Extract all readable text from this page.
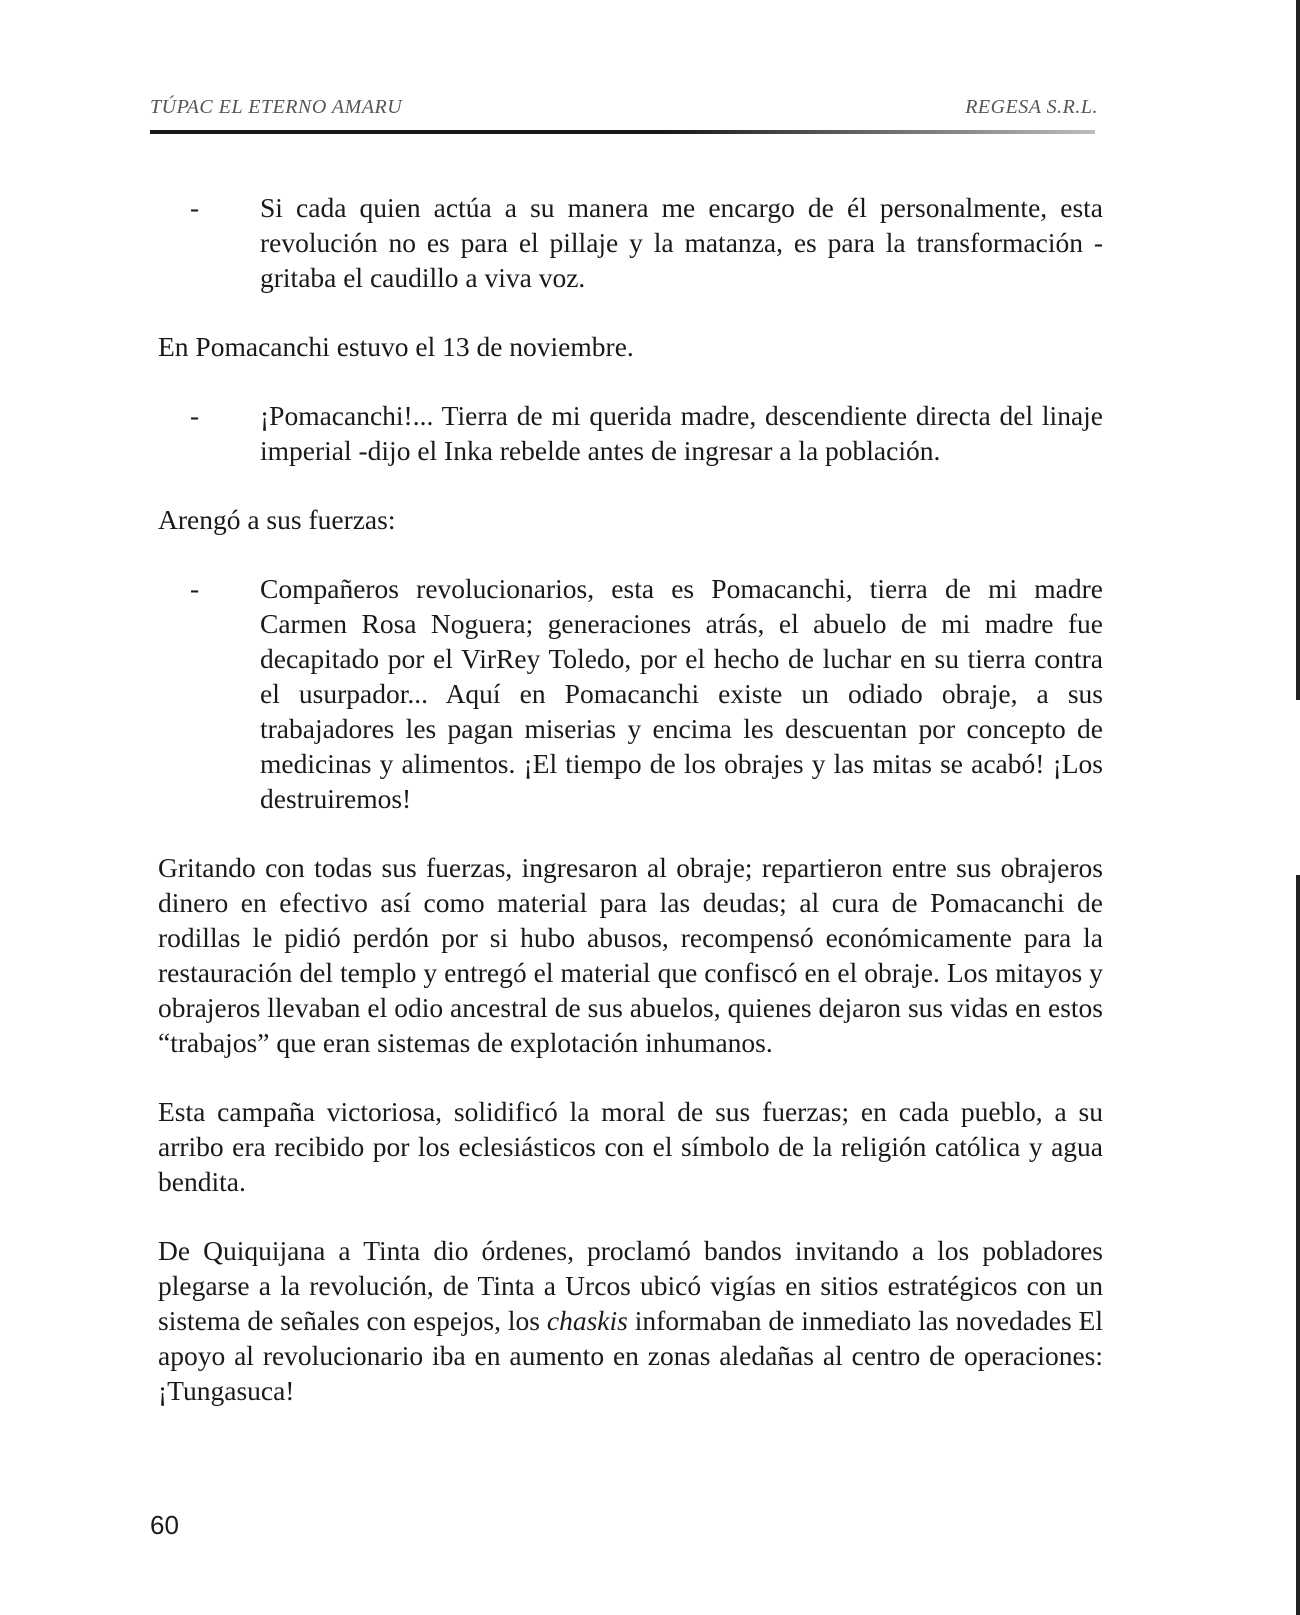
TÚPAC EL ETERNO AMARU	REGESA S.R.L.
- Si cada quien actúa a su manera me encargo de él personalmente, esta revolución no es para el pillaje y la matanza, es para la transformación -gritaba el caudillo a viva voz.

En Pomacanchi estuvo el 13 de noviembre.

- ¡Pomacanchi!... Tierra de mi querida madre, descendiente directa del linaje imperial -dijo el Inka rebelde antes de ingresar a la población.

Arengó a sus fuerzas:

- Compañeros revolucionarios, esta es Pomacanchi, tierra de mi madre Carmen Rosa Noguera; generaciones atrás, el abuelo de mi madre fue decapitado por el VirRey Toledo, por el hecho de luchar en su tierra contra el usurpador... Aquí en Pomacanchi existe un odiado obraje, a sus trabajadores les pagan miserias y encima les descuentan por concepto de medicinas y alimentos. ¡El tiempo de los obrajes y las mitas se acabó! ¡Los destruiremos!

Gritando con todas sus fuerzas, ingresaron al obraje; repartieron entre sus obrajeros dinero en efectivo así como material para las deudas; al cura de Pomacanchi de rodillas le pidió perdón por si hubo abusos, recompensó económicamente para la restauración del templo y entregó el material que confiscó en el obraje. Los mitayos y obrajeros llevaban el odio ancestral de sus abuelos, quienes dejaron sus vidas en estos “trabajos” que eran sistemas de explotación inhumanos.

Esta campaña victoriosa, solidificó la moral de sus fuerzas; en cada pueblo, a su arribo era recibido por los eclesiásticos con el símbolo de la religión católica y agua bendita.

De Quiquijana a Tinta dio órdenes, proclamó bandos invitando a los pobladores plegarse a la revolución, de Tinta a Urcos ubicó vigías en sitios estratégicos con un sistema de señales con espejos, los chaskis informaban de inmediato las novedades El apoyo al revolucionario iba en aumento en zonas aledañas al centro de operaciones: ¡Tungasuca!

60
